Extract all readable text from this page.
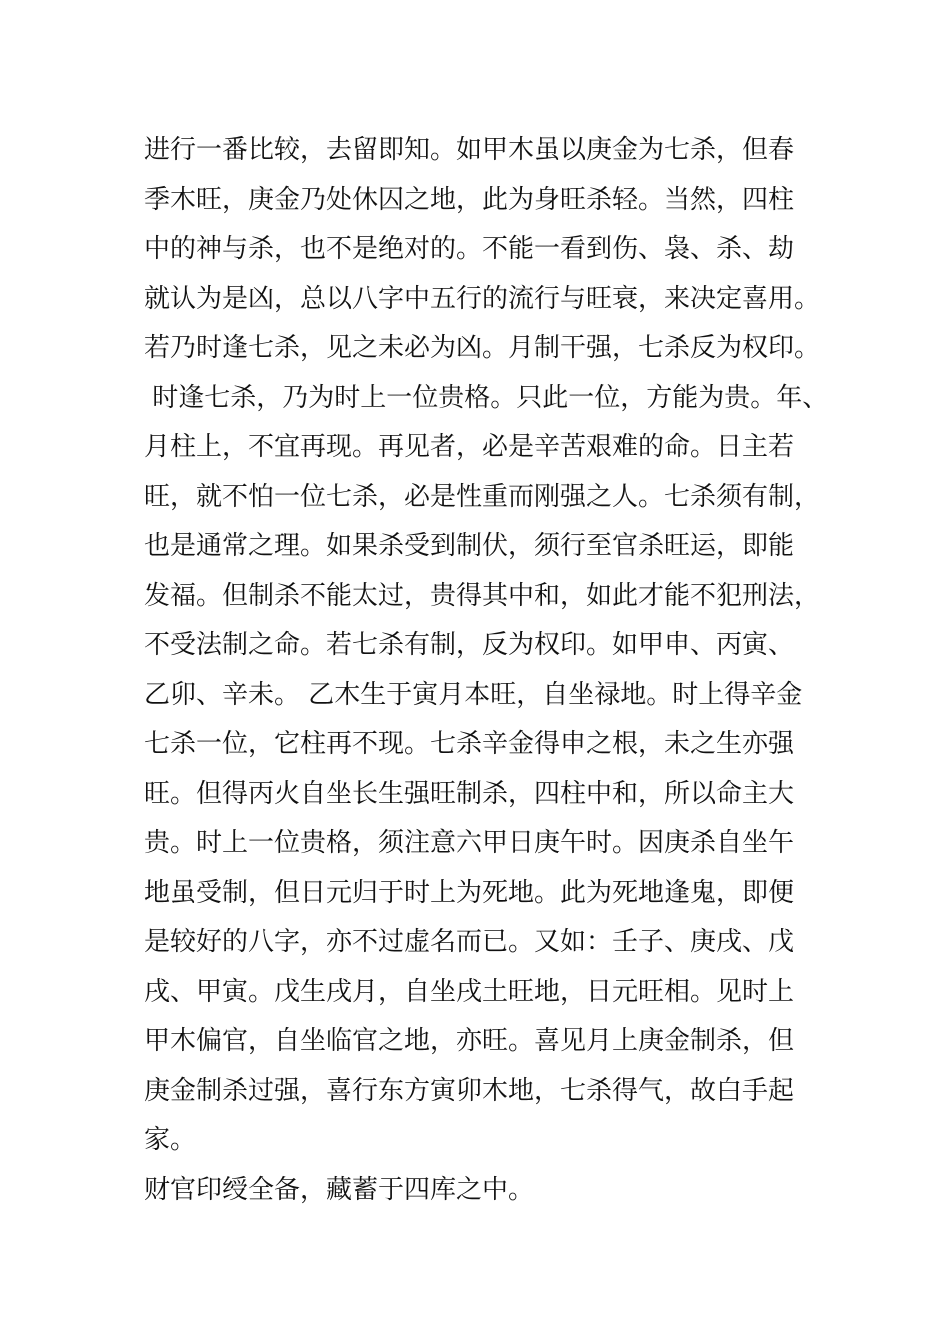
进行一番比较，去留即知。如甲木虽以庚金为七杀，但春
季木旺，庚金乃处休囚之地，此为身旺杀轻。当然，四柱
中的神与杀，也不是绝对的。不能一看到伤、袅、杀、劫
就认为是凶，总以八字中五行的流行与旺衰，来决定喜用。
若乃时逢七杀，见之未必为凶。月制干强，七杀反为权印。
时逢七杀，乃为时上一位贵格。只此一位，方能为贵。年、
月柱上，不宜再现。再见者，必是辛苦艰难的命。日主若
旺，就不怕一位七杀，必是性重而刚强之人。七杀须有制，
也是通常之理。如果杀受到制伏，须行至官杀旺运，即能
发福。但制杀不能太过，贵得其中和，如此才能不犯刑法，
不受法制之命。若七杀有制，反为权印。如甲申、丙寅、
乙卯、辛未。 乙木生于寅月本旺，自坐禄地。时上得辛金
七杀一位，它柱再不现。七杀辛金得申之根，未之生亦强
旺。但得丙火自坐长生强旺制杀，四柱中和，所以命主大
贵。时上一位贵格，须注意六甲日庚午时。因庚杀自坐午
地虽受制，但日元归于时上为死地。此为死地逢鬼，即便
是较好的八字，亦不过虚名而已。又如：壬子、庚戌、戊
戌、甲寅。戊生戌月，自坐戌土旺地，日元旺相。见时上
甲木偏官，自坐临官之地，亦旺。喜见月上庚金制杀，但
庚金制杀过强，喜行东方寅卯木地，七杀得气，故白手起
家。
财官印绶全备，藏蓄于四库之中。
